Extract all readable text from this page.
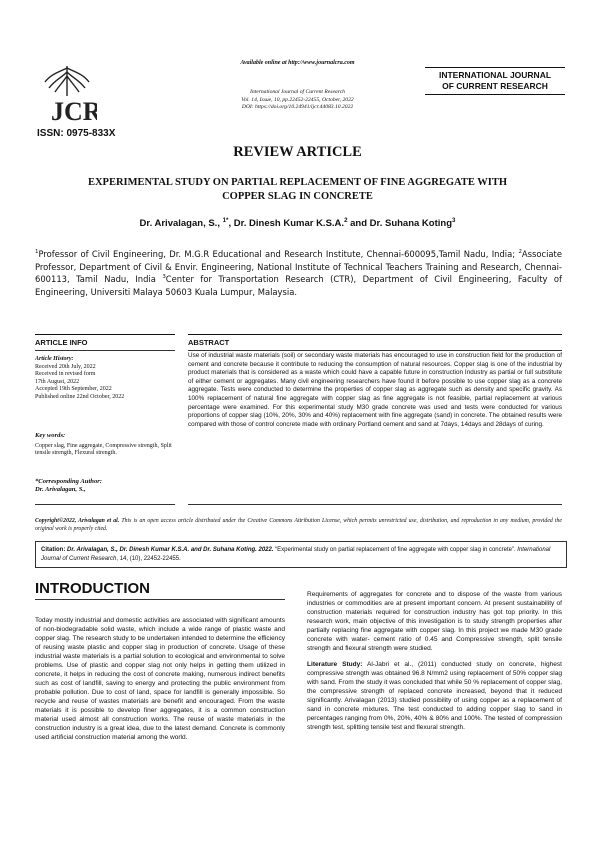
JCR
ISSN: 0975-833X
Available online at http://www.journalcra.com
International Journal of Current Research
Vol. 14, Issue, 10, pp.22452-22455, October, 2022
DOI: https://doi.org/10.24941/ijcr.44083.10.2022
INTERNATIONAL JOURNAL
OF CURRENT RESEARCH
REVIEW ARTICLE
EXPERIMENTAL STUDY ON PARTIAL REPLACEMENT OF FINE AGGREGATE WITH
COPPER SLAG IN CONCRETE
Dr. Arivalagan, S., $^{1*}$, Dr. Dinesh Kumar K.S.A.$^2$ and Dr. Suhana Koting$^3$
$^1$Professor of Civil Engineering, Dr. M.G.R Educational and Research Institute, Chennai-600095,Tamil Nadu, India; $^2$Associate Professor, Department of Civil & Envir. Engineering, National Institute of Technical Teachers Training and Research, Chennai- 600113, Tamil Nadu, India $^3$Center for Transportation Research (CTR), Department of Civil Engineering, Faculty of Engineering, Universiti Malaya 50603 Kuala Lumpur, Malaysia.
ARTICLE INFO	ABSTRACT
Article History:
Received 20th July, 2022
Received in revised form
17th August, 2022
Accepted 19th September, 2022
Published online 22nd October, 2022
Key words:
Copper slag, Fine aggregate, Compressive strength, Split tensile strength, Flexural strength.
*Corresponding Author:
Dr. Arivalagan, S.,
Use of industrial waste materials (soil) or secondary waste materials has encouraged to use in construction field for the production of cement and concrete because it contribute to reducing the consumption of natural resources. Copper slag is one of the industrial by product materials that is considered as a waste which could have a capable future in construction Industry as partial or full substitute of either cement or aggregates. Many civil engineering researchers have found it before possible to use copper slag as a concrete aggregate. Tests were conducted to determine the properties of copper slag as aggregate such as density and specific gravity. As 100% replacement of natural fine aggregate with copper slag as fine aggregate is not feasible, partial replacement at various percentage were examined. For this experimental study M30 grade concrete was used and tests were conducted for various proportions of copper slag (10%, 20%, 30% and 40%) replacement with fine aggregate (sand) in concrete. The obtained results were compared with those of control concrete made with ordinary Portland cement and sand at 7days, 14days and 28days of curing.
Copyright©2022, Arivalagan et al. This is an open access article distributed under the Creative Commons Attribution License, which permits unrestricted use, distribution, and reproduction in any medium, provided the original work is properly cited.
Citation: Dr. Arivalagan, S., Dr. Dinesh Kumar K.S.A. and Dr. Suhana Koting. 2022. “Experimental study on partial replacement of fine aggregate with copper slag in concrete”. International Journal of Current Research, 14, (10), 22452-22455.
INTRODUCTION
Today mostly industrial and domestic activities are associated with significant amounts of non-biodegradable solid waste, which include a wide range of plastic waste and copper slag. The research study to be undertaken intended to determine the efficiency of reusing waste plastic and copper slag in production of concrete. Usage of these industrial waste materials is a partial solution to ecological and environmental to solve problems. Use of plastic and copper slag not only helps in getting them utilized in concrete, it helps in reducing the cost of concrete making, numerous indirect benefits such as cost of landfill, saving to energy and protecting the public environment from probable pollution. Due to cost of land, space for landfill is generally impossible. So recycle and reuse of wastes materials are benefit and encouraged. From the waste materials it is possible to develop finer aggregates, it is a common construction material used almost all construction works. The reuse of waste materials in the construction industry is a great idea, due to the latest demand. Concrete is commonly used artificial construction material among the world.

Requirements of aggregates for concrete and to dispose of the waste from various industries or commodities are at present important concern. At present sustainability of construction materials required for construction industry has got top priority. In this research work, main objective of this investigation is to study strength properties after partially replacing fine aggregate with copper slag. In this project we made M30 grade concrete with water- cement ratio of 0.45 and Compressive strength, split tensile strength and flexural strength were studied.

Literature Study: Al-Jabri et al., (2011) conducted study on concrete, highest compressive strength was obtained 96.8 N/mm2 using replacement of 50% copper slag with sand. From the study it was concluded that while 50 % replacement of copper slag, the compressive strength of replaced concrete increased, beyond that it reduced significantly. Arivalagan (2013) studied possibility of using copper as a replacement of sand in concrete mixtures. The test conducted to adding copper slag to sand in percentages ranging from 0%, 20%, 40% & 80% and 100%. The tested of compression strength test, splitting tensile test and flexural strength.
